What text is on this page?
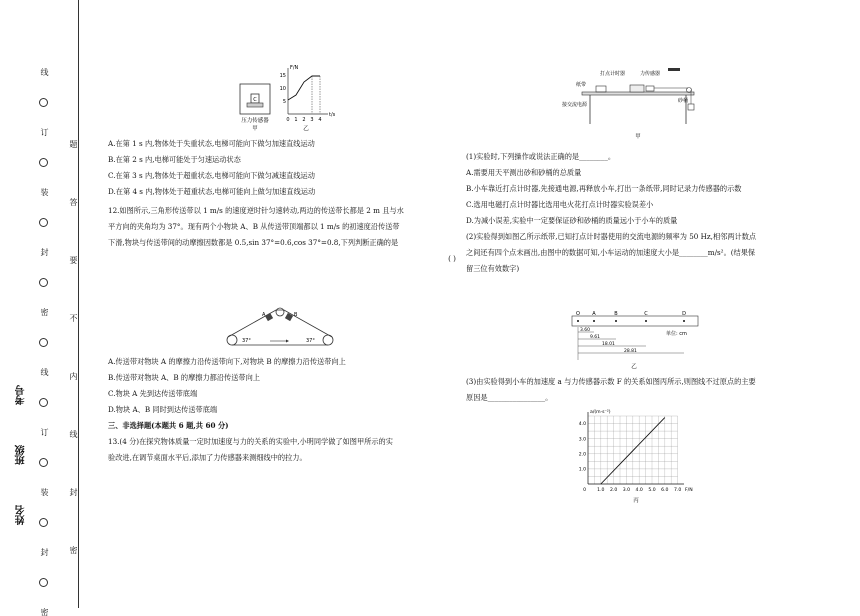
线
订
装
封
密
线
订
装
封
密
题
答
要
不
内
线
封
密
姓名
班级
考号
C
压力传感器
甲
F/N
t/s
15
10
5
0 1 2 3 4
乙

A.在第 1 s 内,物体处于失重状态,电梯可能向下做匀加速直线运动

B.在第 2 s 内,电梯可能处于匀速运动状态

C.在第 3 s 内,物体处于超重状态,电梯可能向下做匀减速直线运动

D.在第 4 s 内,物体处于超重状态,电梯可能向上做匀加速直线运动

12.如图所示,三角形传送带以 1 m/s 的速度逆时针匀速转动,两边的传送带长都是 2 m 且与水

平方向的夹角均为 37°。现有两个小物块 A、B 从传送带顶端都以 1 m/s 的初速度沿传送带

下滑,物块与传送带间的动摩擦因数都是 0.5,sin 37°=0.6,cos 37°=0.8,下列判断正确的是

( )

A	B
37°	37°

A.传送带对物块 A 的摩擦力沿传送带向下,对物块 B 的摩擦力沿传送带向上

B.传送带对物块 A、B 的摩擦力都沿传送带向上

C.物块 A 先到达传送带底端

D.物块 A、B 同时到达传送带底端

三、非选择题(本题共 6 题,共 60 分)

13.(4 分)在探究物体质量一定时加速度与力的关系的实验中,小明同学做了如图甲所示的实

验改进,在调节桌面水平后,添加了力传感器来测细线中的拉力。

打点计时器	力传感器
纸带
接交流电源
砂桶
甲

(1)实验时,下列操作或说法正确的是________。

A.需要用天平测出砂和砂桶的总质量

B.小车靠近打点计时器,先接通电源,再释放小车,打出一条纸带,同时记录力传感器的示数

C.选用电磁打点计时器比选用电火花打点计时器实验误差小

D.为减小误差,实验中一定要保证砂和砂桶的质量远小于小车的质量

(2)实验得到如图乙所示纸带,已知打点计时器使用的交流电源的频率为 50 Hz,相邻两计数点

之间还有四个点未画出,由图中的数据可知,小车运动的加速度大小是________m/s²。(结果保

留三位有效数字)

O A	B	C	D
单位: cm
3.60
9.61
18.01
28.81
乙

(3)由实验得到小车的加速度 a 与力传感器示数 F 的关系如图丙所示,则图线不过原点的主要

原因是________________。

1.0 2.0 3.0 4.0 5.0 6.0 7.0
4.0
3.0
2.0
1.0
0	F/N
a/(m·s⁻²)
丙
